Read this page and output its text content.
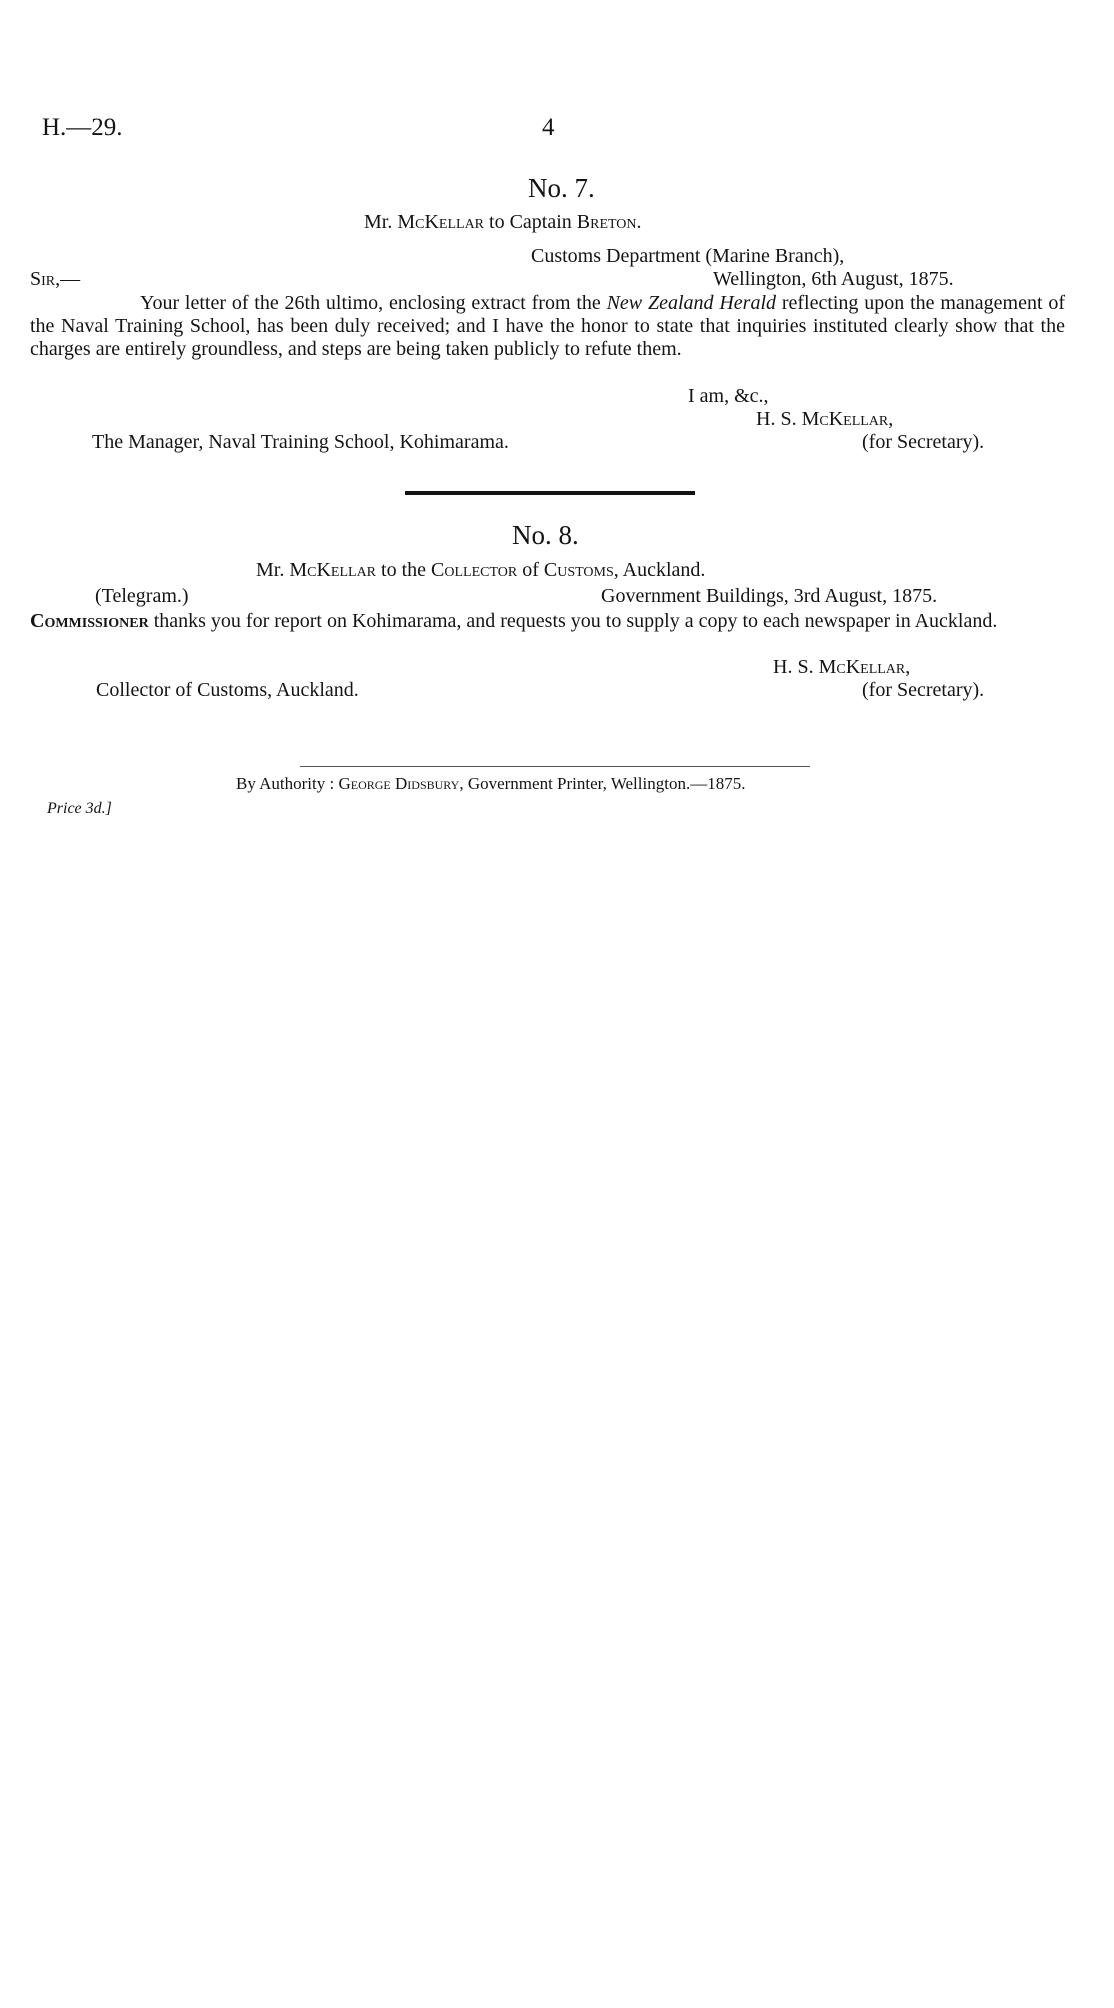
H.—29.	4
No. 7.
Mr. McKellar to Captain Breton.
Customs Department (Marine Branch),
Wellington, 6th August, 1875.
Sir,—
Your letter of the 26th ultimo, enclosing extract from the New Zealand Herald reflecting upon the management of the Naval Training School, has been duly received; and I have the honor to state that inquiries instituted clearly show that the charges are entirely groundless, and steps are being taken publicly to refute them.
I am, &c.,
H. S. McKellar,
The Manager, Naval Training School, Kohimarama.	(for Secretary).
No. 8.
Mr. McKellar to the Collector of Customs, Auckland.
(Telegram.)	Government Buildings, 3rd August, 1875.
Commissioner thanks you for report on Kohimarama, and requests you to supply a copy to each newspaper in Auckland.
H. S. McKellar,
Collector of Customs, Auckland.	(for Secretary).
By Authority : George Didsbury, Government Printer, Wellington.—1875.
Price 3d.]
